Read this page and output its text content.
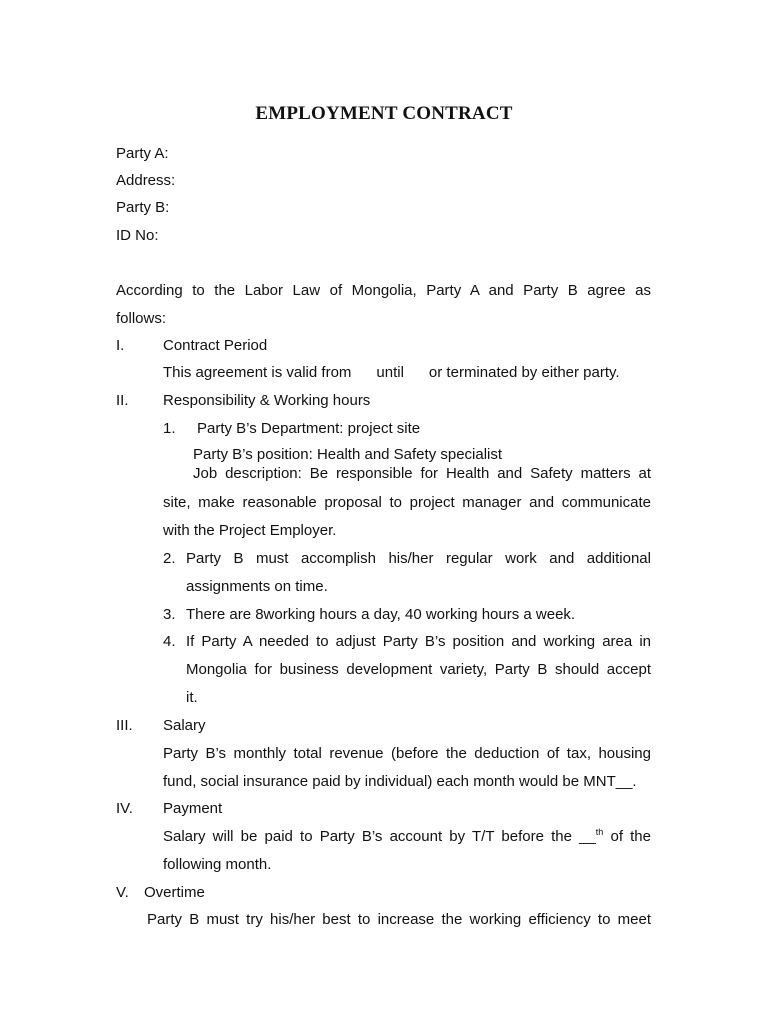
EMPLOYMENT CONTRACT
Party A:
Address:
Party B:
ID No:
According to the Labor Law of Mongolia, Party A and Party B agree as
follows:
I.	Contract Period
This agreement is valid from      until      or terminated by either party.
II. Responsibility & Working hours
1. Party B’s Department: project site
Party B’s position: Health and Safety specialist
Job description: Be responsible for Health and Safety matters at
site, make reasonable proposal to project manager and communicate
with the Project Employer.
2. Party B must accomplish his/her regular work and additional
assignments on time.
3. There are 8working hours a day, 40 working hours a week.
4. If Party A needed to adjust Party B’s position and working area in
Mongolia for business development variety, Party B should accept
it.
III. Salary
Party B’s monthly total revenue (before the deduction of tax, housing
fund, social insurance paid by individual) each month would be MNT__.
IV. Payment
Salary will be paid to Party B’s account by T/T before the __$^{th}$ of the
following month.
V. Overtime
Party B must try his/her best to increase the working efficiency to meet
